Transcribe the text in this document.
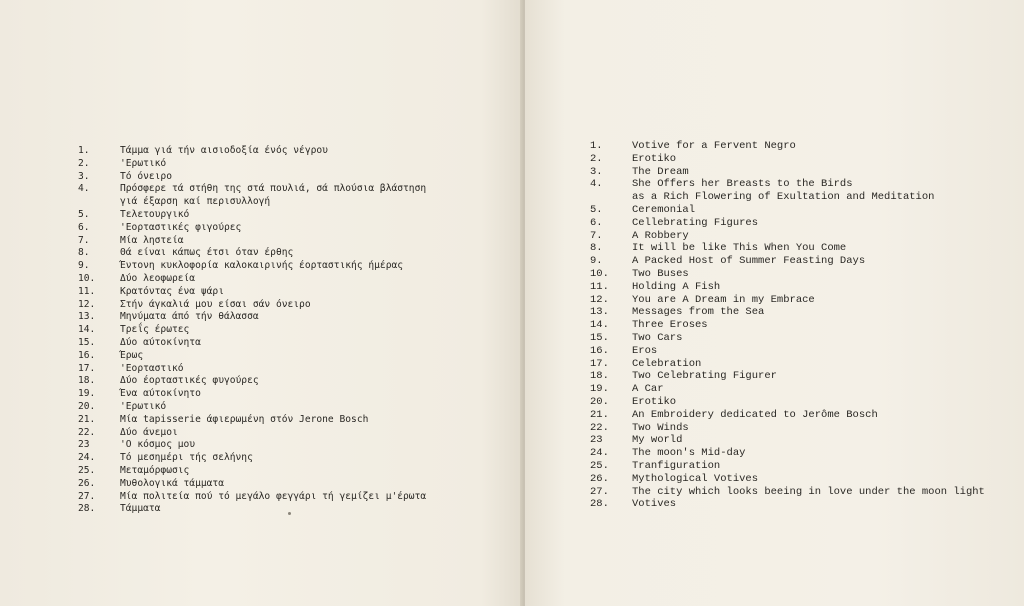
1.	Τάμμα γιά τήν αισιοδοξία ένός νέγρου
2.	'Ερωτικό
3.	Τό όνειρο
4.	Πρόσφερε τά στήθη της στά πουλιά, σά πλούσια βλάστηση
γιά έξαρση καί περισυλλογή
5.	Τελετουργικό
6.	'Εορταστικές φιγούρες
7.	Μία ληστεία
8.	Θά είναι κάπως έτσι όταν έρθης
9.	Έντονη κυκλοφορία καλοκαιρινής έορταστικής ήμέρας
10.	Δύο λεοφωρεία
11.	Κρατόντας ένα ψάρι
12.	Στήν άγκαλιά μου είσαι σάν όνειρο
13.	Μηνύματα άπό τήν θάλασσα
14.	Τρεΐς έρωτες
15.	Δύο αύτοκίνητα
16.	Έρως
17.	'Εορταστικό
18.	Δύο έορταστικές φυγούρες
19.	Ένα αύτοκίνητο
20.	'Ερωτικό
21.	Μία tapisserie άφιερωμένη στόν Jerone Bosch
22.	Δύο άνεμοι
23	'Ο κόσμος μου
24.	Τό μεσημέρι τής σελήνης
25.	Μεταμόρφωσις
26.	Μυθολογικά τάμματα
27.	Μία πολιτεία πού τό μεγάλο φεγγάρι τή γεμίζει μ'έρωτα
28.	Τάμματα
1.	Votive for a Fervent Negro
2.	Erotiko
3.	The Dream
4.	She Offers her Breasts to the Birds
as a Rich Flowering of Exultation and Meditation
5.	Ceremonial
6.	Cellebrating Figures
7.	A Robbery
8.	It will be like This When You Come
9.	A Packed Host of Summer Feasting Days
10.	Two Buses
11.	Holding A Fish
12.	You are A Dream in my Embrace
13.	Messages from the Sea
14.	Three Eroses
15.	Two Cars
16.	Eros
17.	Celebration
18.	Two Celebrating Figurer
19.	A Car
20.	Erotiko
21.	An Embroidery dedicated to Jerôme Bosch
22.	Two Winds
23	My world
24.	The moon's Mid-day
25.	Tranfiguration
26.	Mythological Votives
27.	The city which looks beeing in love under the moon light
28.	Votives
